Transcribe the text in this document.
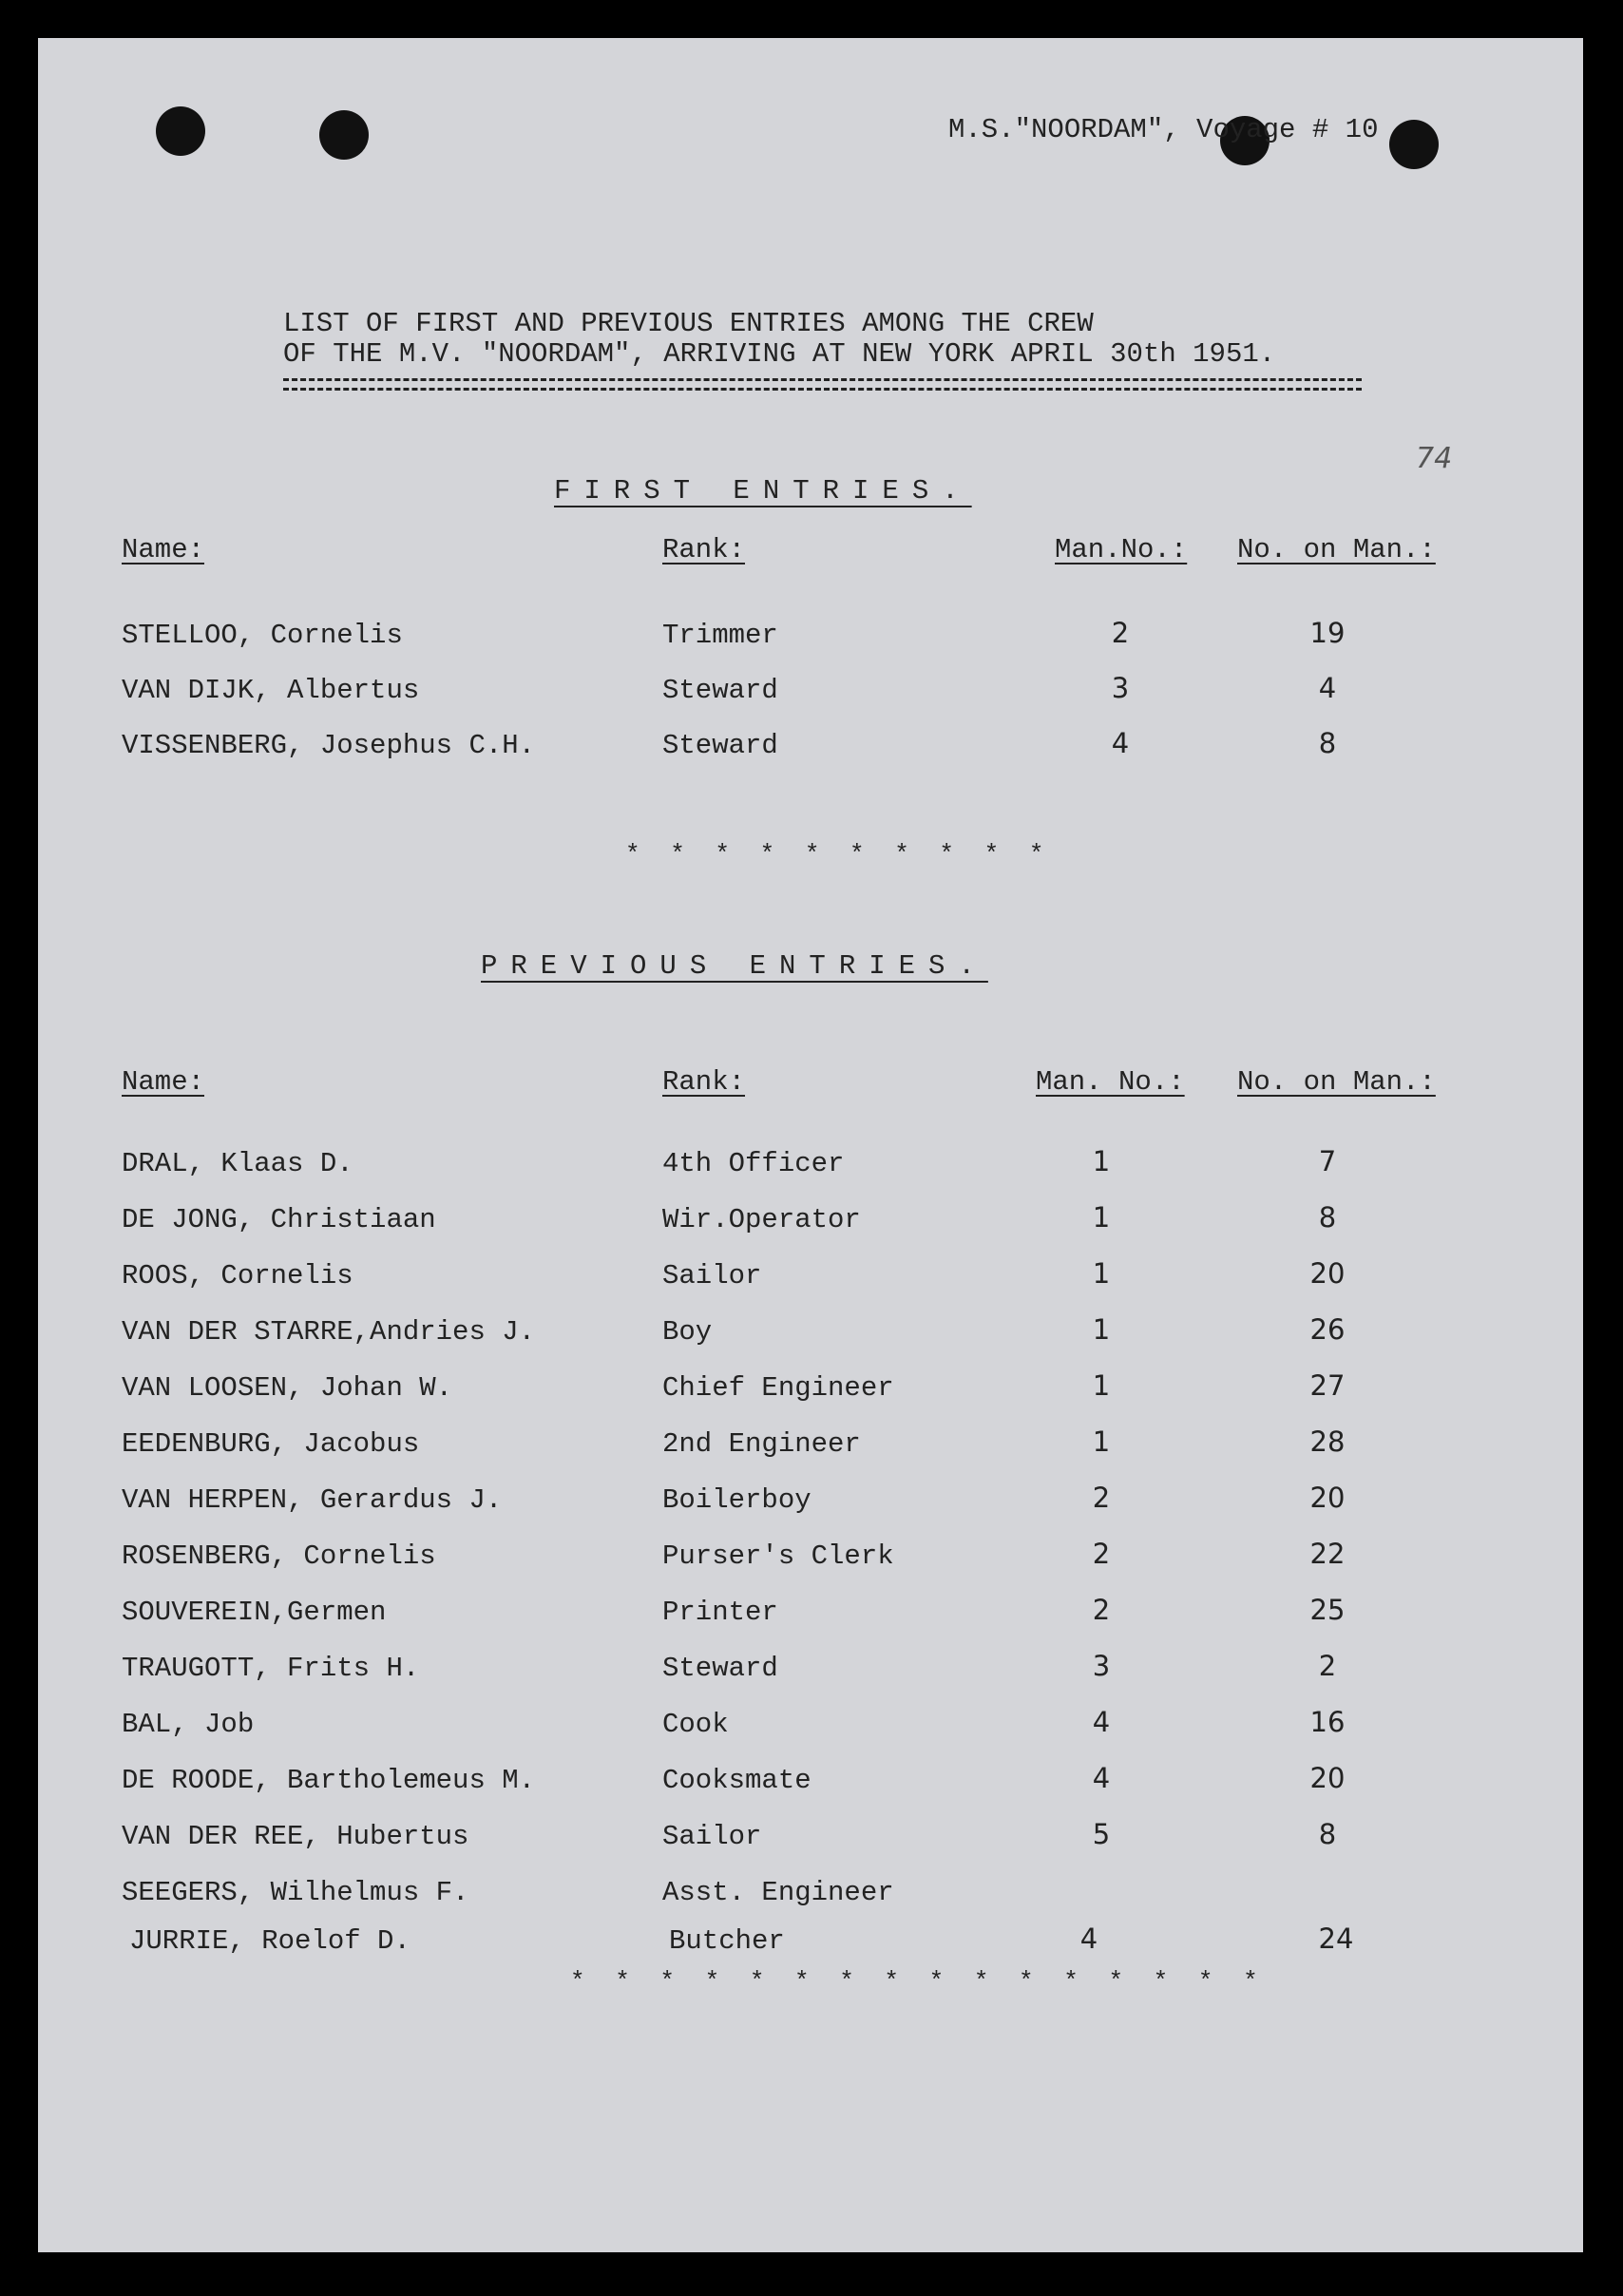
M.S."NOORDAM", Voyage # 10
LIST OF FIRST AND PREVIOUS ENTRIES AMONG THE CREW
OF THE M.V. "NOORDAM", ARRIVING AT NEW YORK APRIL 30th 1951.
74
FIRST ENTRIES.
Name:	Rank:	Man.No.: No. on Man.:
STELLOO, Cornelis	Trimmer	2	19
VAN DIJK, Albertus	Steward	3	4
VISSENBERG, Josephus C.H.	Steward	4	8
* * * * * * * * * *
PREVIOUS ENTRIES.
Name:	Rank:	Man. No.: No. on Man.:
DRAL, Klaas D.	4th Officer	1	7
DE JONG, Christiaan	Wir.Operator	1	8
ROOS, Cornelis	Sailor	1	20
VAN DER STARRE,Andries J.	Boy	1	26
VAN LOOSEN, Johan W.	Chief Engineer	1	27
EEDENBURG, Jacobus	2nd Engineer	1	28
VAN HERPEN, Gerardus J.	Boilerboy	2	20
ROSENBERG, Cornelis	Purser's Clerk	2	22
SOUVEREIN,Germen	Printer	2	25
TRAUGOTT, Frits H.	Steward	3	2
BAL, Job	Cook	4	16
DE ROODE, Bartholemeus M.	Cooksmate	4	20
VAN DER REE, Hubertus	Sailor	5	8
SEEGERS, Wilhelmus F.	Asst. Engineer
JURRIE, Roelof D.	Butcher	4	24
* * * * * * * * * * * * * * * *
